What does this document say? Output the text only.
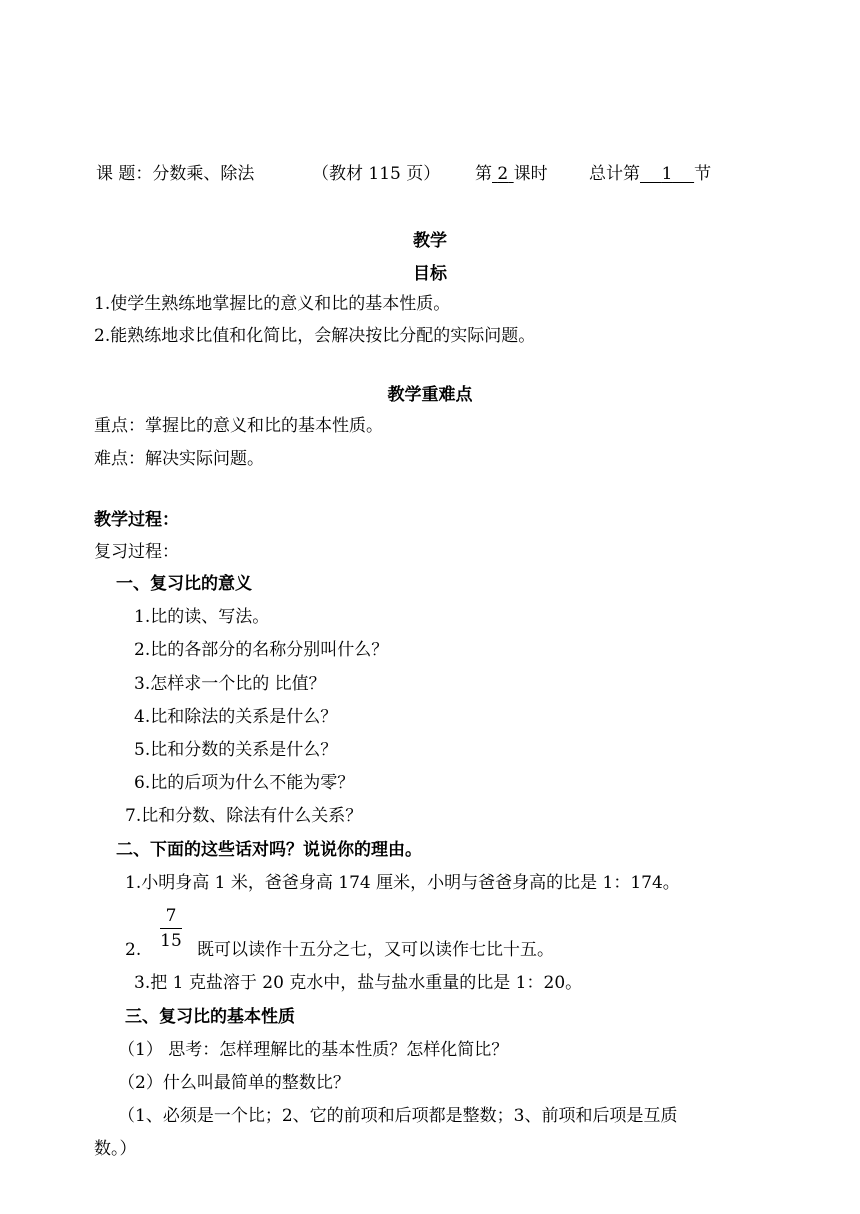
课 题：分数乘、除法	（教材 115 页） 第 2 课时 总计第 1 节
教学
目标
1.使学生熟练地掌握比的意义和比的基本性质。
2.能熟练地求比值和化简比，会解决按比分配的实际问题。
教学重难点
重点：掌握比的意义和比的基本性质。
难点：解决实际问题。
教学过程：
复习过程：
一、复习比的意义
1.比的读、写法。
2.比的各部分的名称分别叫什么？
3.怎样求一个比的 比值？
4.比和除法的关系是什么？
5.比和分数的关系是什么？
6.比的后项为什么不能为零？
7.比和分数、除法有什么关系？
二、下面的这些话对吗？说说你的理由。
1.小明身高 1 米，爸爸身高 174 厘米，小明与爸爸身高的比是 1：174。
2.
7
15 既可以读作十五分之七，又可以读作七比十五。
3.把 1 克盐溶于 20 克水中，盐与盐水重量的比是 1：20。
三、复习比的基本性质
（1） 思考：怎样理解比的基本性质？怎样化简比？
（2）什么叫最简单的整数比？
（1、必须是一个比；2、它的前项和后项都是整数；3、前项和后项是互质
数。）
